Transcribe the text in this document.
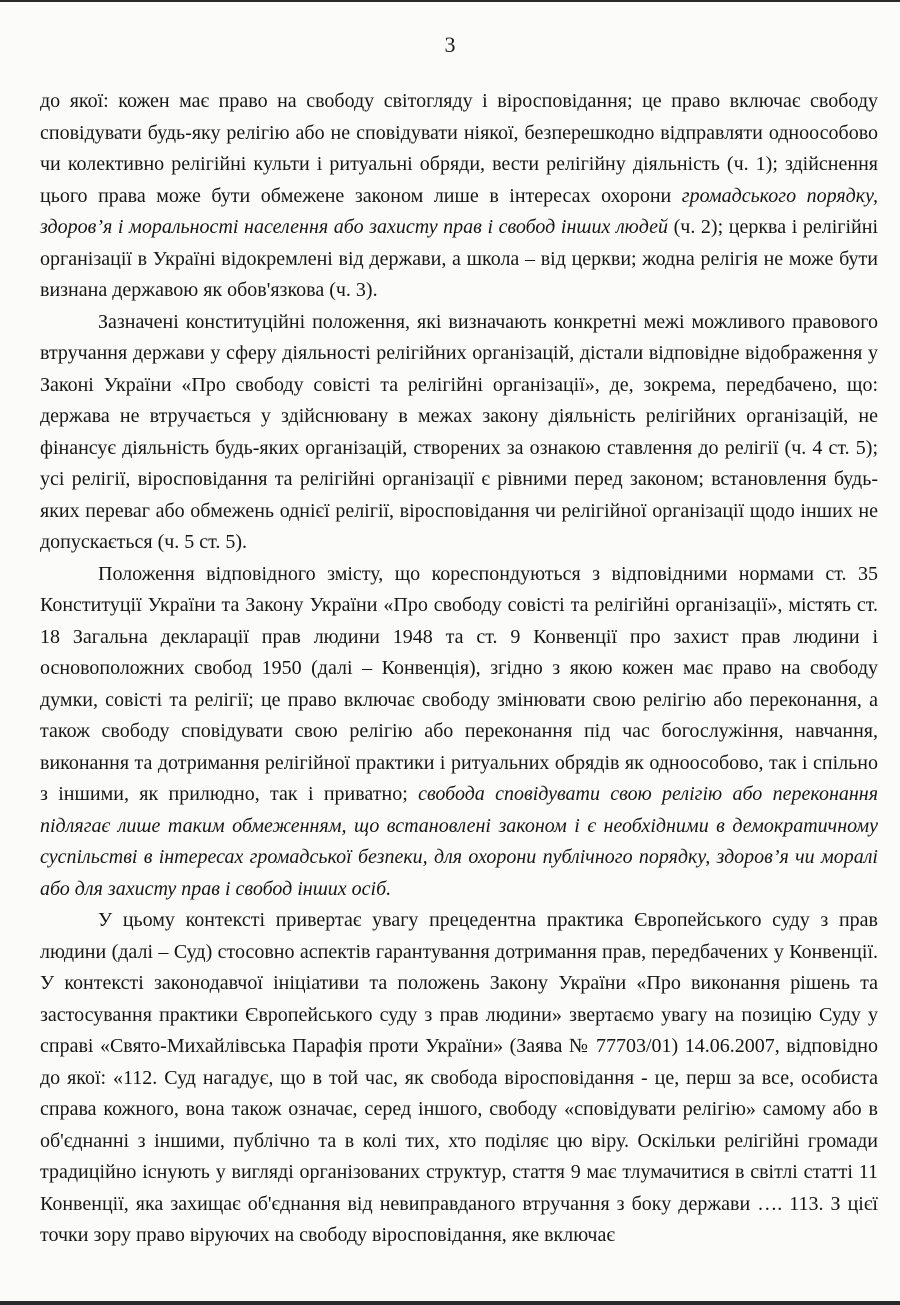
3

до якої: кожен має право на свободу світогляду і віросповідання; це право включає свободу сповідувати будь-яку релігію або не сповідувати ніякої, безперешкодно відправляти одноособово чи колективно релігійні культи і ритуальні обряди, вести релігійну діяльність (ч. 1); здійснення цього права може бути обмежене законом лише в інтересах охорони громадського порядку, здоров’я і моральності населення або захисту прав і свобод інших людей (ч. 2); церква і релігійні організації в Україні відокремлені від держави, а школа – від церкви; жодна релігія не може бути визнана державою як обов'язкова (ч. 3).

Зазначені конституційні положення, які визначають конкретні межі можливого правового втручання держави у сферу діяльності релігійних організацій, дістали відповідне відображення у Законі України «Про свободу совісті та релігійні організації», де, зокрема, передбачено, що: держава не втручається у здійснювану в межах закону діяльність релігійних організацій, не фінансує діяльність будь-яких організацій, створених за ознакою ставлення до релігії (ч. 4 ст. 5); усі релігії, віросповідання та релігійні організації є рівними перед законом; встановлення будь-яких переваг або обмежень однієї релігії, віросповідання чи релігійної організації щодо інших не допускається (ч. 5 ст. 5).

Положення відповідного змісту, що кореспондуються з відповідними нормами ст. 35 Конституції України та Закону України «Про свободу совісті та релігійні організації», містять ст. 18 Загальна декларації прав людини 1948 та ст. 9 Конвенції про захист прав людини і основоположних свобод 1950 (далі – Конвенція), згідно з якою кожен має право на свободу думки, совісті та релігії; це право включає свободу змінювати свою релігію або переконання, а також свободу сповідувати свою релігію або переконання під час богослужіння, навчання, виконання та дотримання релігійної практики і ритуальних обрядів як одноособово, так і спільно з іншими, як прилюдно, так і приватно; свобода сповідувати свою релігію або переконання підлягає лише таким обмеженням, що встановлені законом і є необхідними в демократичному суспільстві в інтересах громадської безпеки, для охорони публічного порядку, здоров’я чи моралі або для захисту прав і свобод інших осіб.

У цьому контексті привертає увагу прецедентна практика Європейського суду з прав людини (далі – Суд) стосовно аспектів гарантування дотримання прав, передбачених у Конвенції. У контексті законодавчої ініціативи та положень Закону України «Про виконання рішень та застосування практики Європейського суду з прав людини» звертаємо увагу на позицію Суду у справі «Свято-Михайлівська Парафія проти України» (Заява № 77703/01) 14.06.2007, відповідно до якої: «112. Суд нагадує, що в той час, як свобода віросповідання - це, перш за все, особиста справа кожного, вона також означає, серед іншого, свободу «сповідувати релігію» самому або в об'єднанні з іншими, публічно та в колі тих, хто поділяє цю віру. Оскільки релігійні громади традиційно існують у вигляді організованих структур, стаття 9 має тлумачитися в світлі статті 11 Конвенції, яка захищає об'єднання від невиправданого втручання з боку держави …. 113. З цієї точки зору право віруючих на свободу віросповідання, яке включає
